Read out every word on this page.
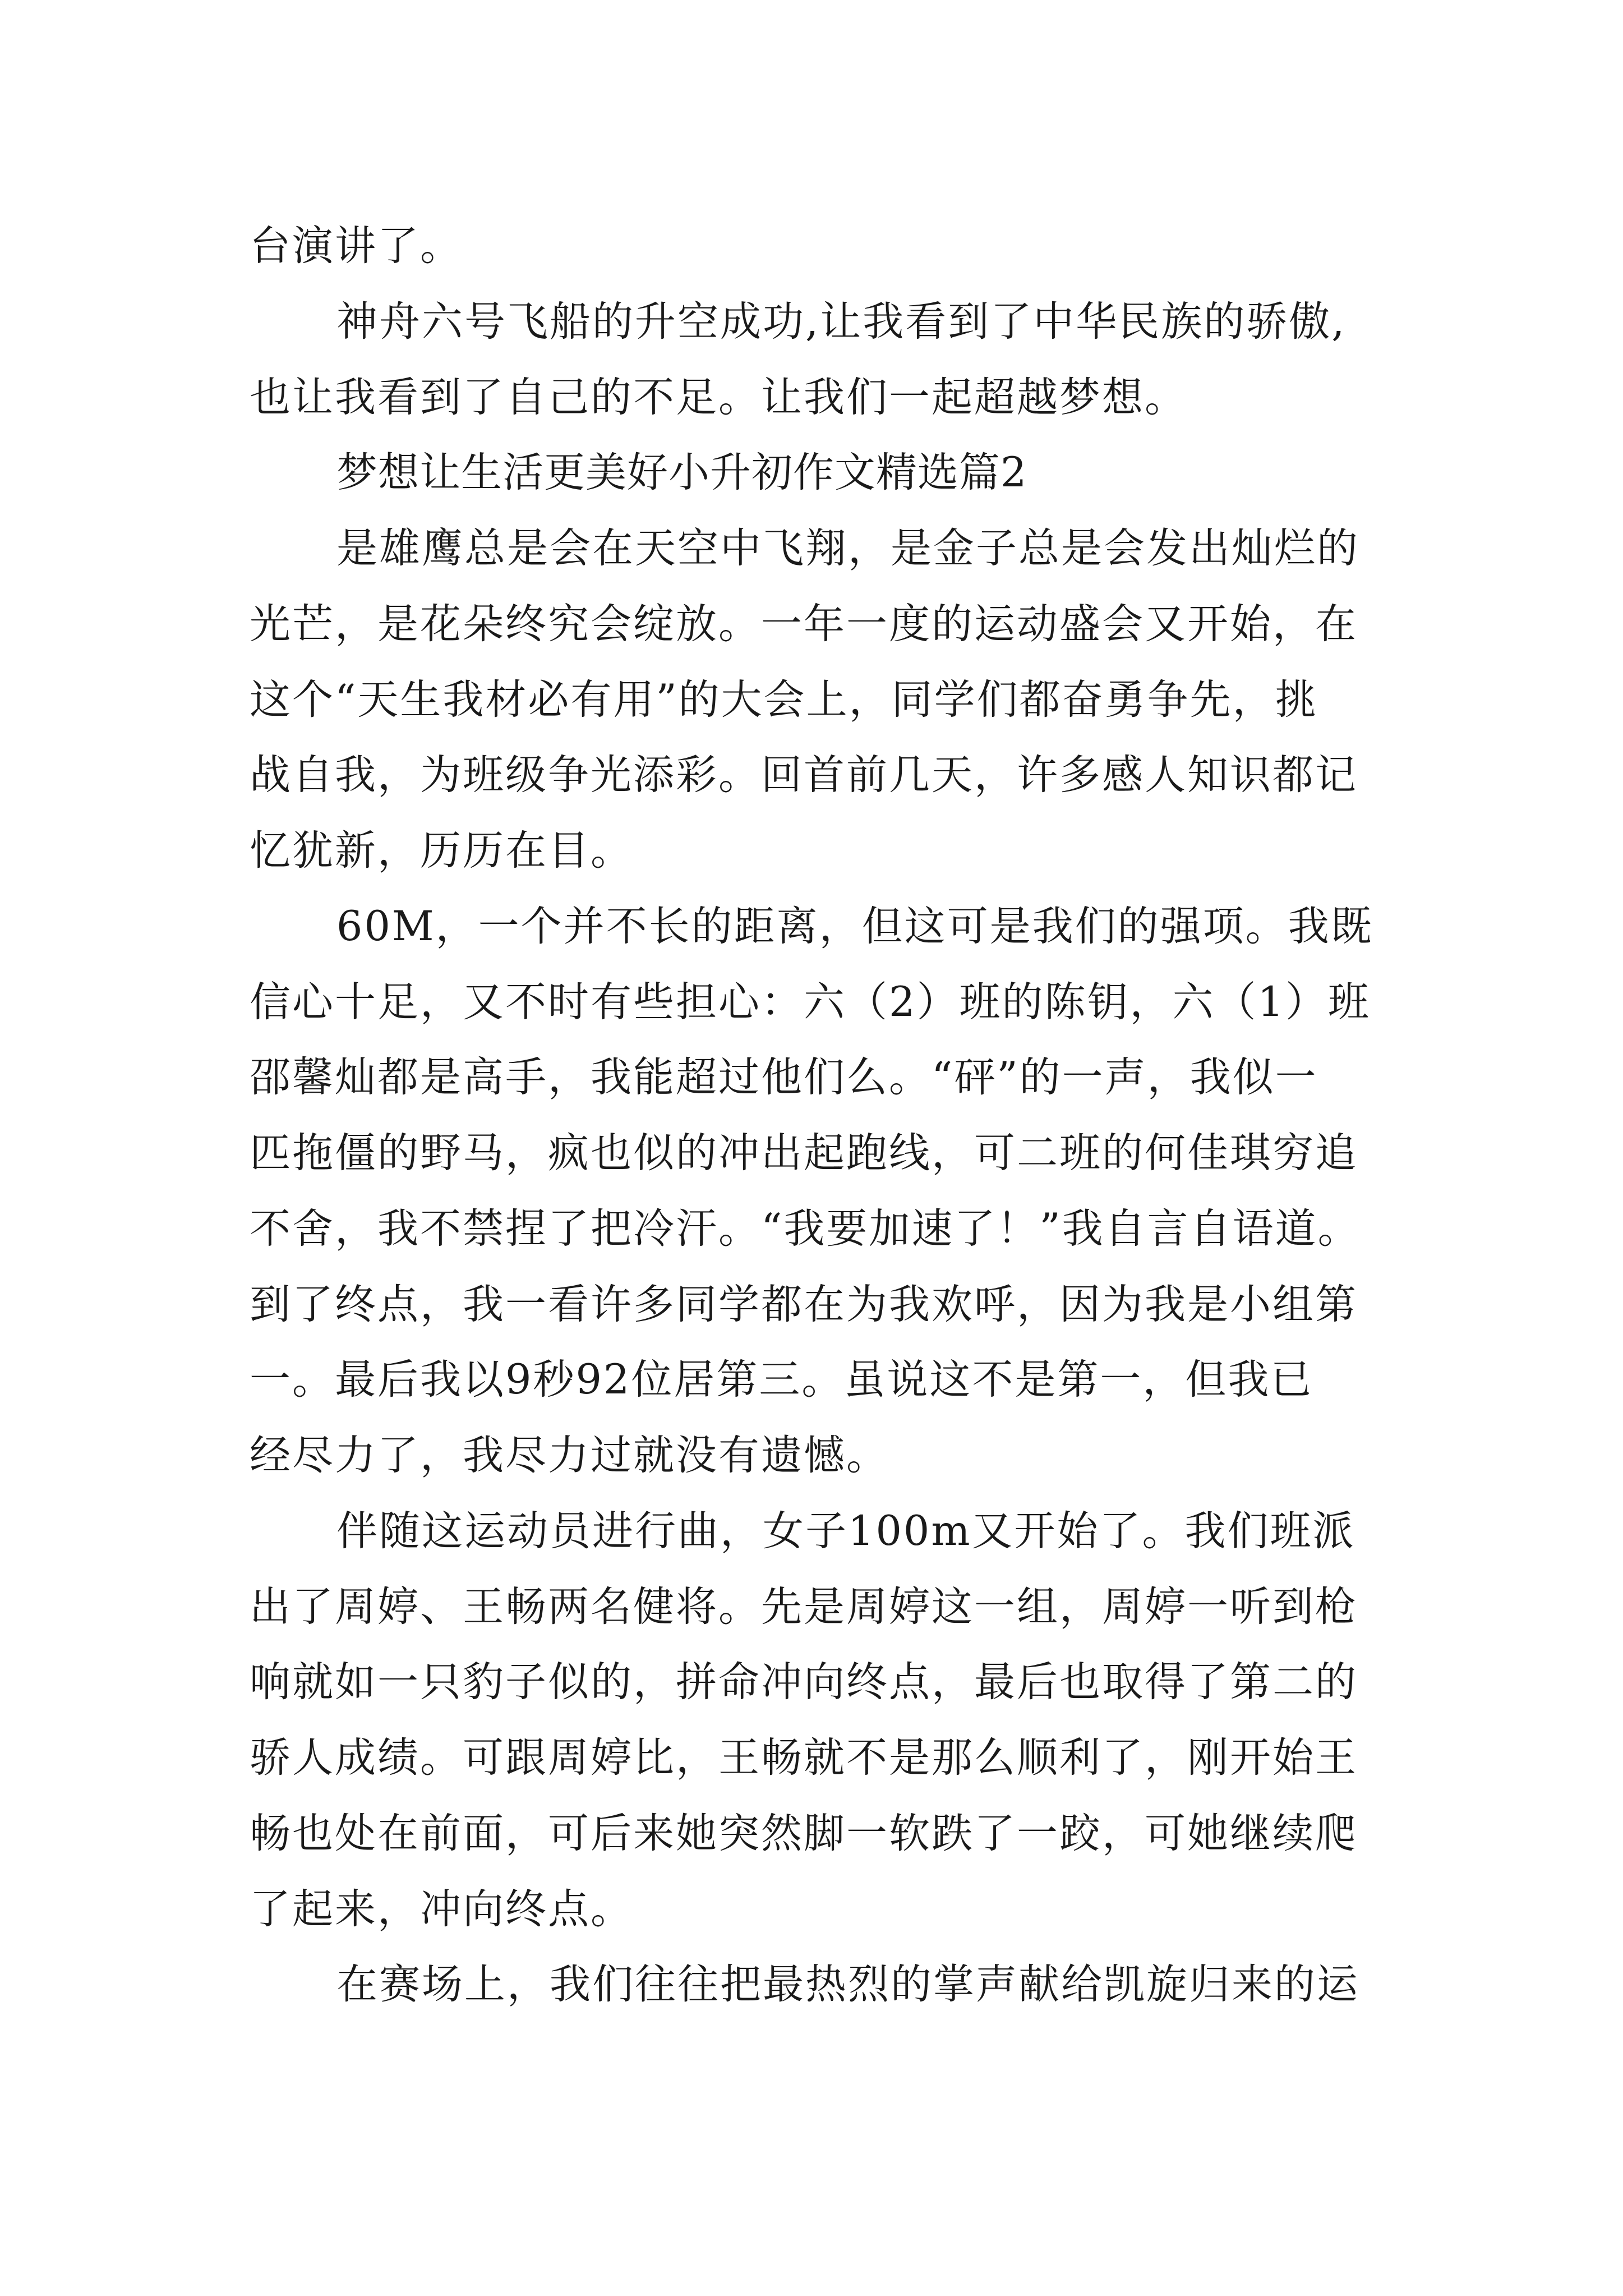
台演讲了。
神舟六号飞船的升空成功,让我看到了中华民族的骄傲,
也让我看到了自己的不足。让我们一起超越梦想。
梦想让生活更美好小升初作文精选篇2
是雄鹰总是会在天空中飞翔，是金子总是会发出灿烂的
光芒，是花朵终究会绽放。一年一度的运动盛会又开始，在
这个“天生我材必有用”的大会上，同学们都奋勇争先，挑
战自我，为班级争光添彩。回首前几天，许多感人知识都记
忆犹新，历历在目。
60M，一个并不长的距离，但这可是我们的强项。我既
信心十足，又不时有些担心：六（2）班的陈钥，六（1）班
邵馨灿都是高手，我能超过他们么。“砰”的一声，我似一
匹拖僵的野马，疯也似的冲出起跑线，可二班的何佳琪穷追
不舍，我不禁捏了把冷汗。“我要加速了！”我自言自语道。
到了终点，我一看许多同学都在为我欢呼，因为我是小组第
一。最后我以9秒92位居第三。虽说这不是第一，但我已
经尽力了，我尽力过就没有遗憾。
伴随这运动员进行曲，女子100m又开始了。我们班派
出了周婷、王畅两名健将。先是周婷这一组，周婷一听到枪
响就如一只豹子似的，拼命冲向终点，最后也取得了第二的
骄人成绩。可跟周婷比，王畅就不是那么顺利了，刚开始王
畅也处在前面，可后来她突然脚一软跌了一跤，可她继续爬
了起来，冲向终点。
在赛场上，我们往往把最热烈的掌声献给凯旋归来的运
